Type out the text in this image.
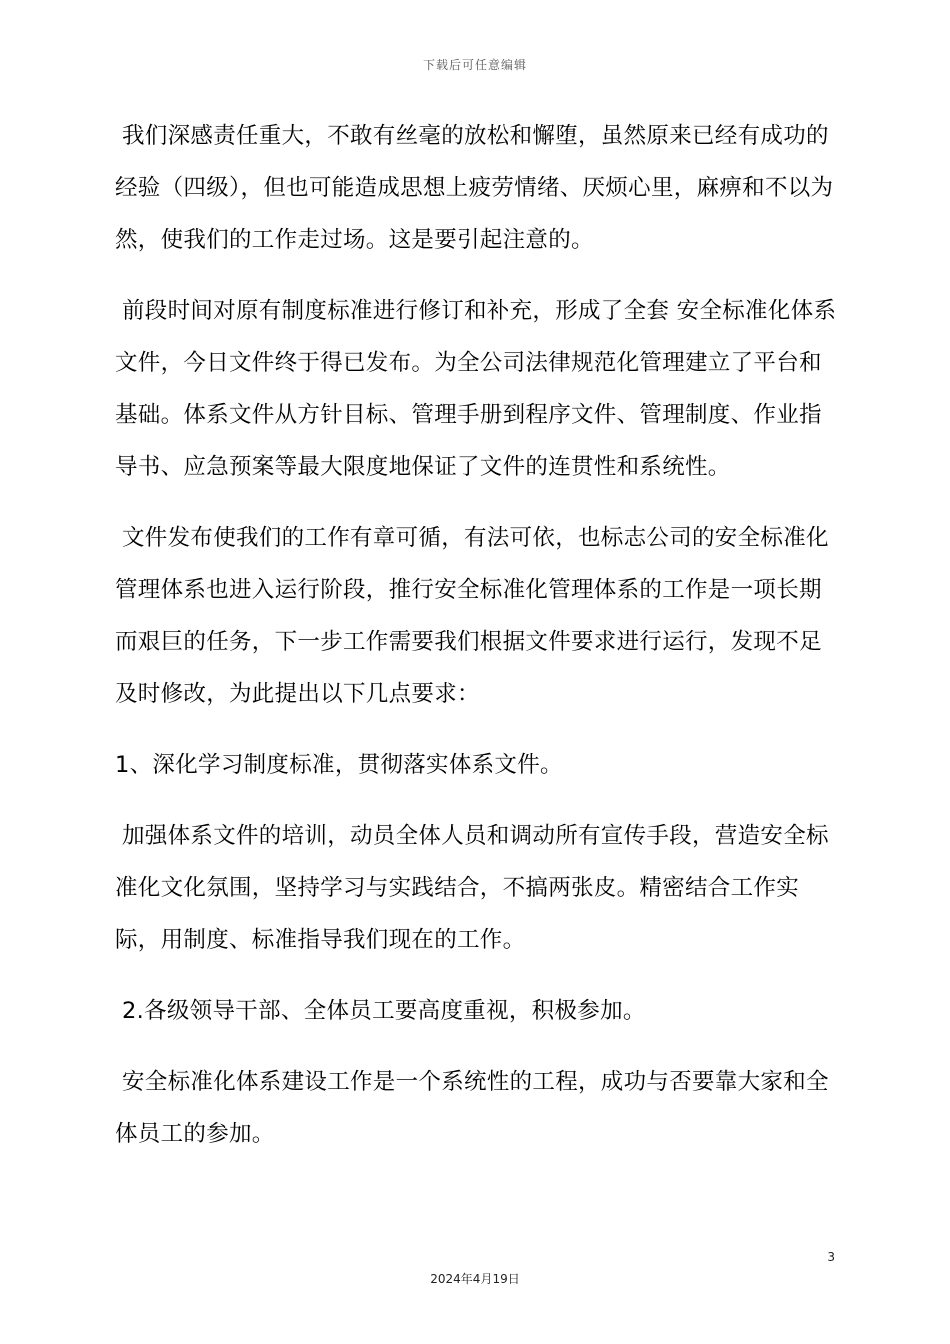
下载后可任意编辑

我们深感责任重大，不敢有丝毫的放松和懈堕，虽然原来已经有成功的经验（四级），但也可能造成思想上疲劳情绪、厌烦心里，麻痹和不以为然，使我们的工作走过场。这是要引起注意的。

前段时间对原有制度标准进行修订和补充，形成了全套 安全标准化体系文件，今日文件终于得已发布。为全公司法律规范化管理建立了平台和基础。体系文件从方针目标、管理手册到程序文件、管理制度、作业指导书、应急预案等最大限度地保证了文件的连贯性和系统性。

文件发布使我们的工作有章可循，有法可依，也标志公司的安全标准化管理体系也进入运行阶段，推行安全标准化管理体系的工作是一项长期而艰巨的任务，下一步工作需要我们根据文件要求进行运行，发现不足及时修改，为此提出以下几点要求：

1、深化学习制度标准，贯彻落实体系文件。

加强体系文件的培训，动员全体人员和调动所有宣传手段，营造安全标准化文化氛围，坚持学习与实践结合，不搞两张皮。精密结合工作实际，用制度、标准指导我们现在的工作。

2.各级领导干部、全体员工要高度重视，积极参加。

安全标准化体系建设工作是一个系统性的工程，成功与否要靠大家和全体员工的参加。

3
2024年4月19日
